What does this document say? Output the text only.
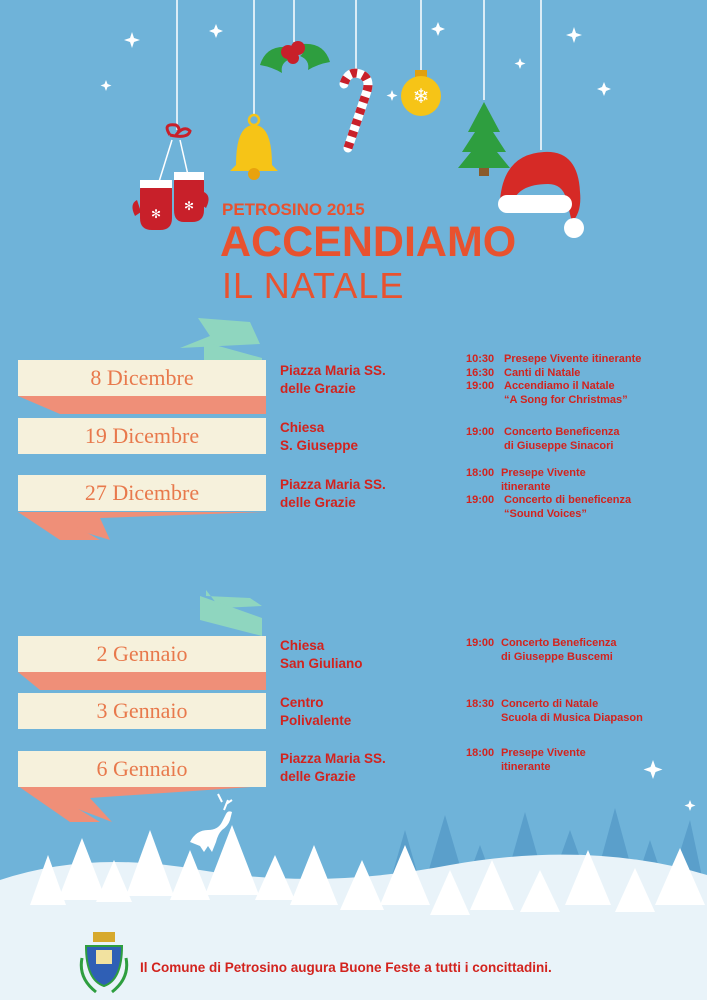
✻
✻
❄
PETROSINO 2015
ACCENDIAMO
IL NATALE
8 Dicembre	Piazza Maria SS.
delle Grazie
10:30 Presepe Vivente itinerante
16:30 Canti di Natale
19:00 Accendiamo il Natale
“A Song for Christmas”
19 Dicembre	Chiesa
S. Giuseppe
19:00 Concerto Beneficenza
di Giuseppe Sinacori
27 Dicembre	Piazza Maria SS.
delle Grazie
18:00 Presepe Vivente
itinerante
19:00 Concerto di beneficenza
“Sound Voices”
2 Gennaio	Chiesa
San Giuliano
19:00 Concerto Beneficenza
di Giuseppe Buscemi
3 Gennaio	Centro
Polivalente
18:30 Concerto di Natale
Scuola di Musica Diapason
6 Gennaio	Piazza Maria SS.
delle Grazie
18:00 Presepe Vivente
itinerante
Il Comune di Petrosino augura Buone Feste a tutti i concittadini.
